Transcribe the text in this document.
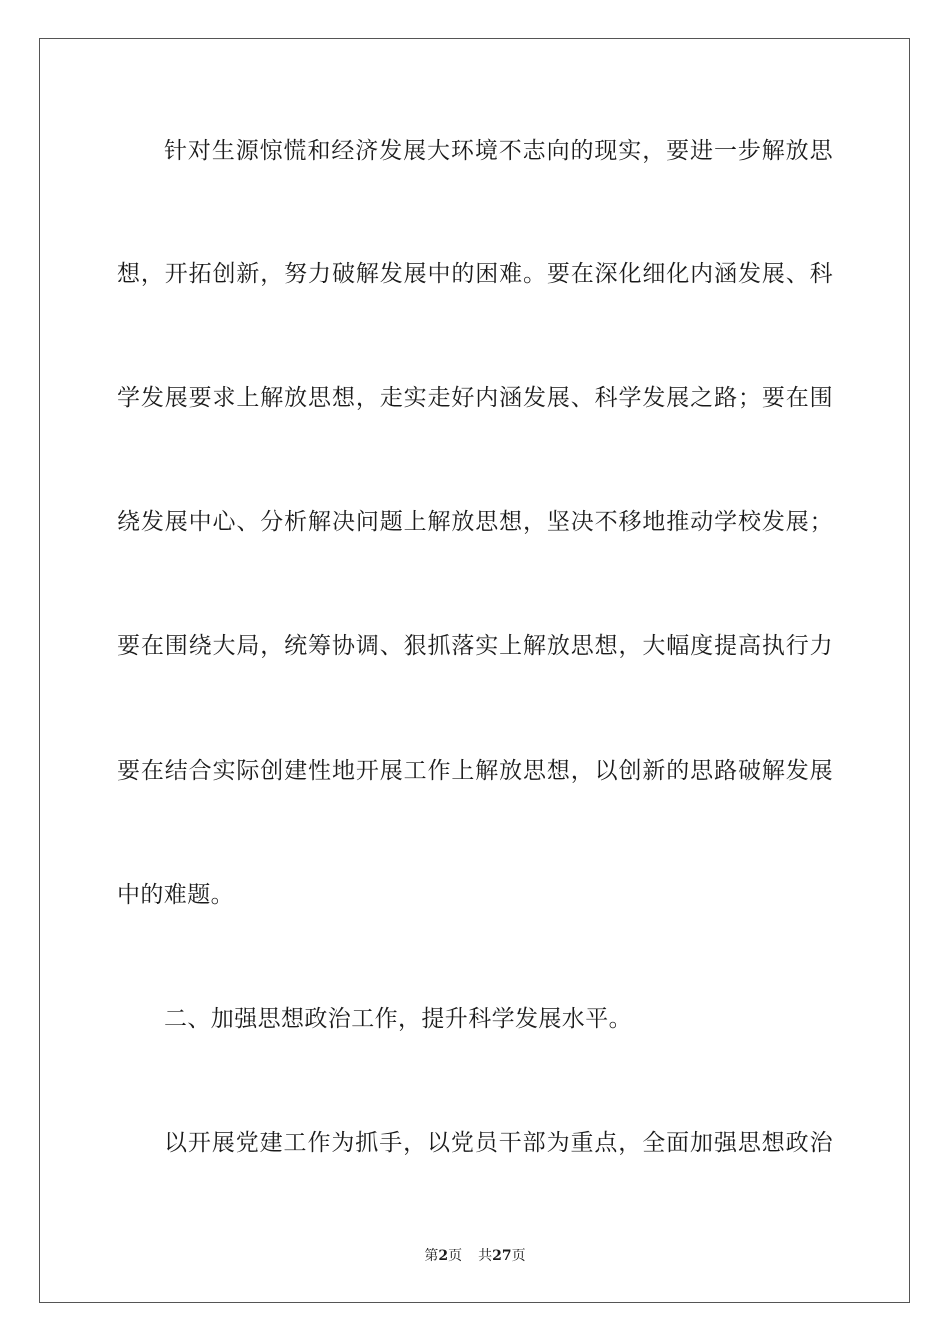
针对生源惊慌和经济发展大环境不志向的现实，要进一步解放思
想，开拓创新，努力破解发展中的困难。要在深化细化内涵发展、科
学发展要求上解放思想，走实走好内涵发展、科学发展之路；要在围
绕发展中心、分析解决问题上解放思想，坚决不移地推动学校发展；
要在围绕大局，统筹协调、狠抓落实上解放思想，大幅度提高执行力
要在结合实际创建性地开展工作上解放思想，以创新的思路破解发展
中的难题。
二、加强思想政治工作，提升科学发展水平。
以开展党建工作为抓手，以党员干部为重点，全面加强思想政治
第2页 共27页
